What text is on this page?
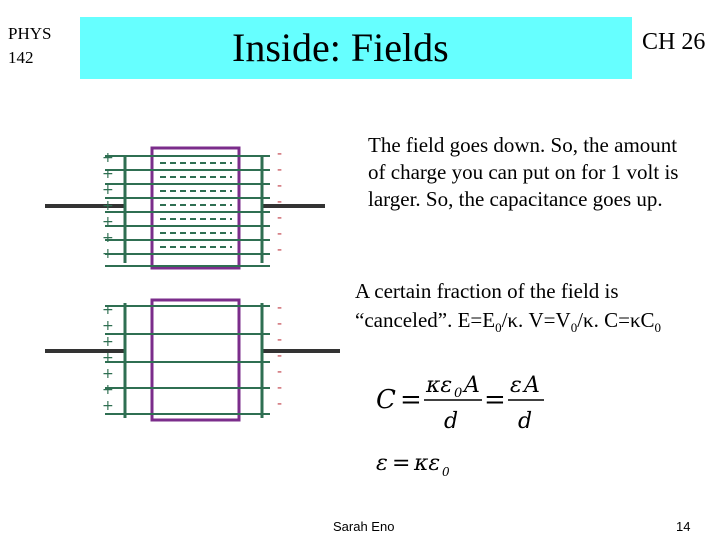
PHYS
142	Inside: Fields	CH 26
+
+
+
+
+
+
+
-
-
-
-
-
-
-
+
+
+
+
+
+
+
-
-
-
-
-
-
-
The field goes down. So, the amount of charge you can put on for 1 volt is larger. So, the capacitance goes up.
A certain fraction of the field is “canceled”. $E=E_0/\kappa$. $V=V_0/\kappa$. $C=\kappa C_0$
C = κε 0 A
d
= ε A
d
ε = κε 0
Sarah Eno	14
